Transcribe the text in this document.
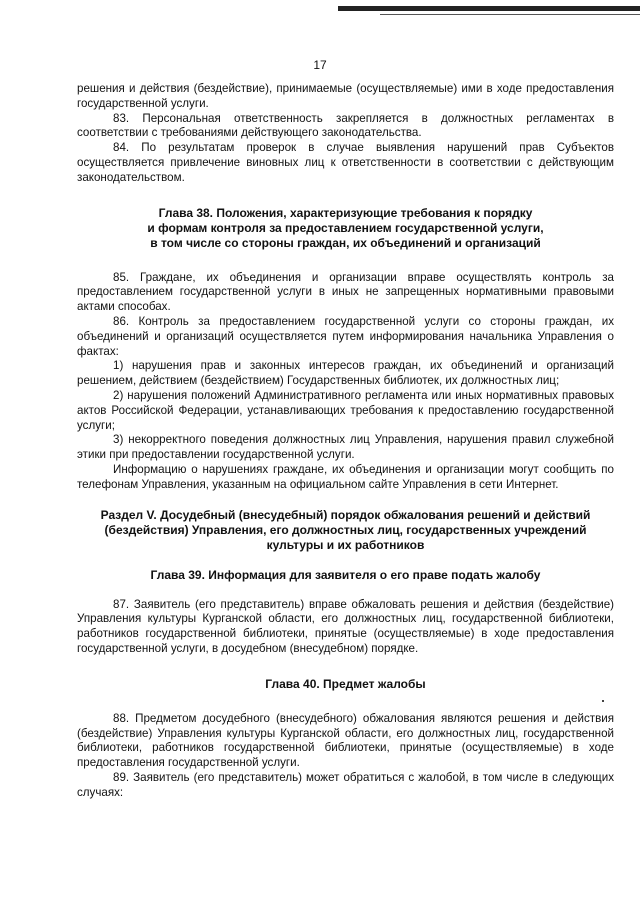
17

решения и действия (бездействие), принимаемые (осуществляемые) ими в ходе предоставления государственной услуги.

83. Персональная ответственность закрепляется в должностных регламентах в соответствии с требованиями действующего законодательства.

84. По результатам проверок в случае выявления нарушений прав Субъектов осуществляется привлечение виновных лиц к ответственности в соответствии с действующим законодательством.

Глава 38. Положения, характеризующие требования к порядку

и формам контроля за предоставлением государственной услуги,

в том числе со стороны граждан, их объединений и организаций

85. Граждане, их объединения и организации вправе осуществлять контроль за предоставлением государственной услуги в иных не запрещенных нормативными правовыми актами способах.

86. Контроль за предоставлением государственной услуги со стороны граждан, их объединений и организаций осуществляется путем информирования начальника Управления о фактах:

1) нарушения прав и законных интересов граждан, их объединений и организаций решением, действием (бездействием) Государственных библиотек, их должностных лиц;

2) нарушения положений Административного регламента или иных нормативных правовых актов Российской Федерации, устанавливающих требования к предоставлению государственной услуги;

3) некорректного поведения должностных лиц Управления, нарушения правил служебной этики при предоставлении государственной услуги.

Информацию о нарушениях граждане, их объединения и организации могут сообщить по телефонам Управления, указанным на официальном сайте Управления в сети Интернет.

Раздел V. Досудебный (внесудебный) порядок обжалования решений и действий

(бездействия) Управления, его должностных лиц, государственных учреждений

культуры и их работников

Глава 39. Информация для заявителя о его праве подать жалобу

87. Заявитель (его представитель) вправе обжаловать решения и действия (бездействие) Управления культуры Курганской области, его должностных лиц, государственной библиотеки, работников государственной библиотеки, принятые (осуществляемые) в ходе предоставления государственной услуги, в досудебном (внесудебном) порядке.

Глава 40. Предмет жалобы

88. Предметом досудебного (внесудебного) обжалования являются решения и действия (бездействие) Управления культуры Курганской области, его должностных лиц, государственной библиотеки, работников государственной библиотеки, принятые (осуществляемые) в ходе предоставления государственной услуги.

89. Заявитель (его представитель) может обратиться с жалобой, в том числе в следующих случаях:
